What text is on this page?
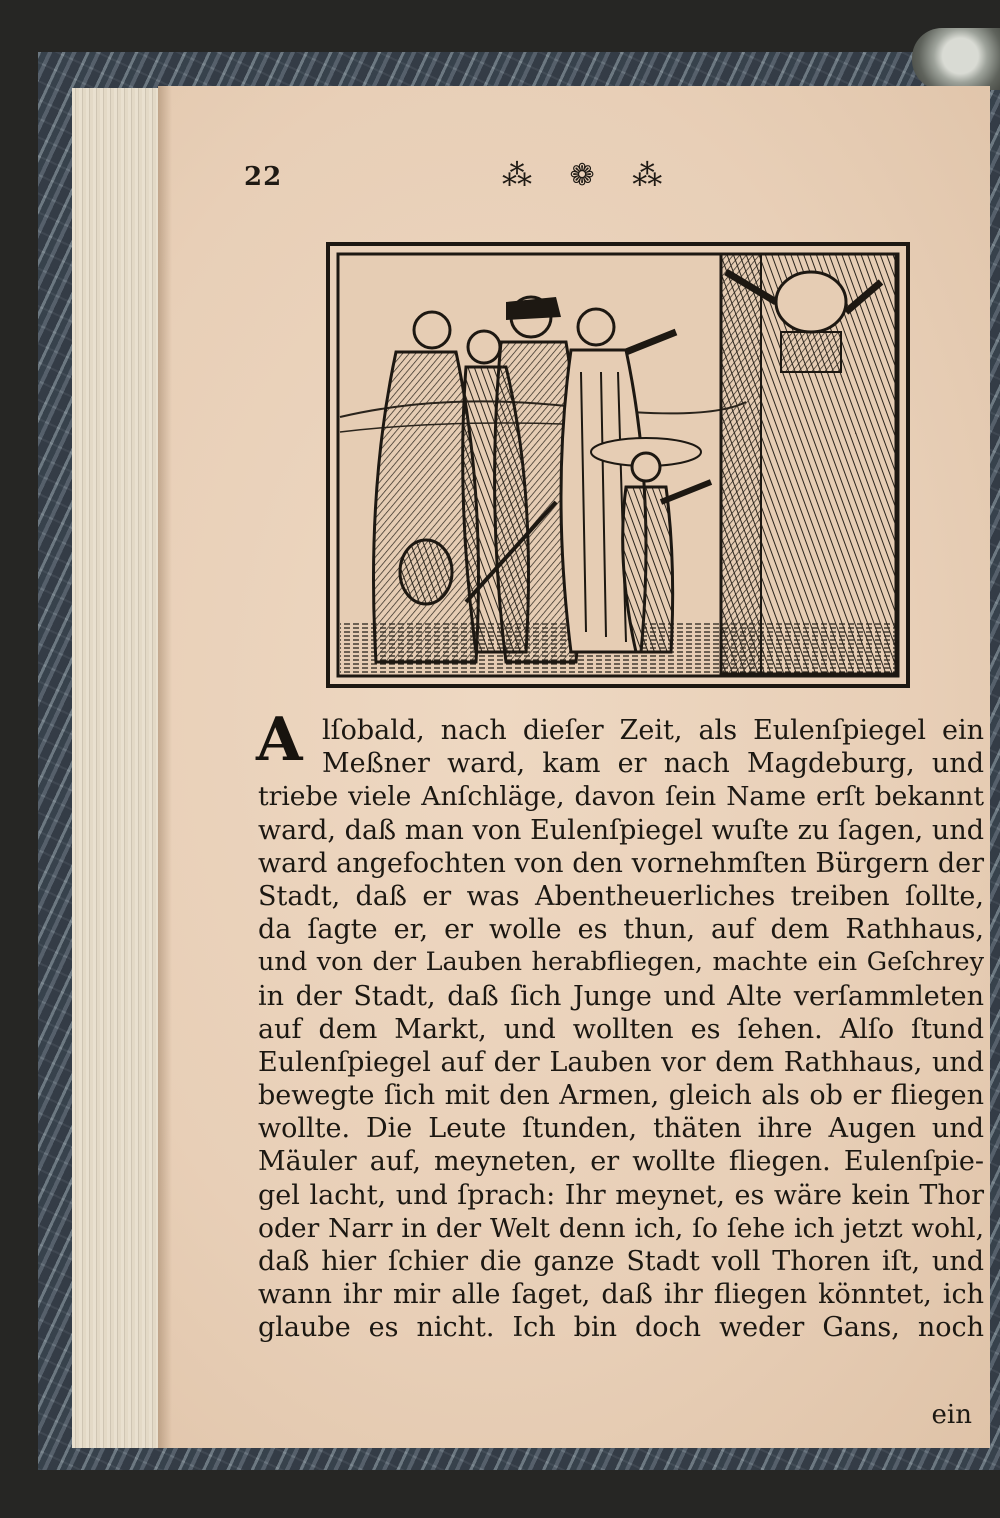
22	⁂ ❁ ⁂
A lſobald, nach dieſer Zeit, als Eulenſpiegel ein
Meßner ward, kam er nach Magdeburg, und
triebe viele Anſchläge, davon ſein Name erſt bekannt
ward, daß man von Eulenſpiegel wuſte zu ſagen, und
ward angefochten von den vornehmſten Bürgern der
Stadt, daß er was Abentheuerliches treiben ſollte,
da ſagte er, er wolle es thun, auf dem Rathhaus,
und von der Lauben herabfliegen, machte ein Geſchrey
in der Stadt, daß ſich Junge und Alte verſammleten
auf dem Markt, und wollten es ſehen. Alſo ſtund
Eulenſpiegel auf der Lauben vor dem Rathhaus, und
bewegte ſich mit den Armen, gleich als ob er fliegen
wollte. Die Leute ſtunden, thäten ihre Augen und
Mäuler auf, meyneten, er wollte fliegen. Eulenſpie-
gel lacht, und ſprach: Ihr meynet, es wäre kein Thor
oder Narr in der Welt denn ich, ſo ſehe ich jetzt wohl,
daß hier ſchier die ganze Stadt voll Thoren iſt, und
wann ihr mir alle ſaget, daß ihr fliegen könntet, ich
glaube es nicht. Ich bin doch weder Gans, noch
ein
